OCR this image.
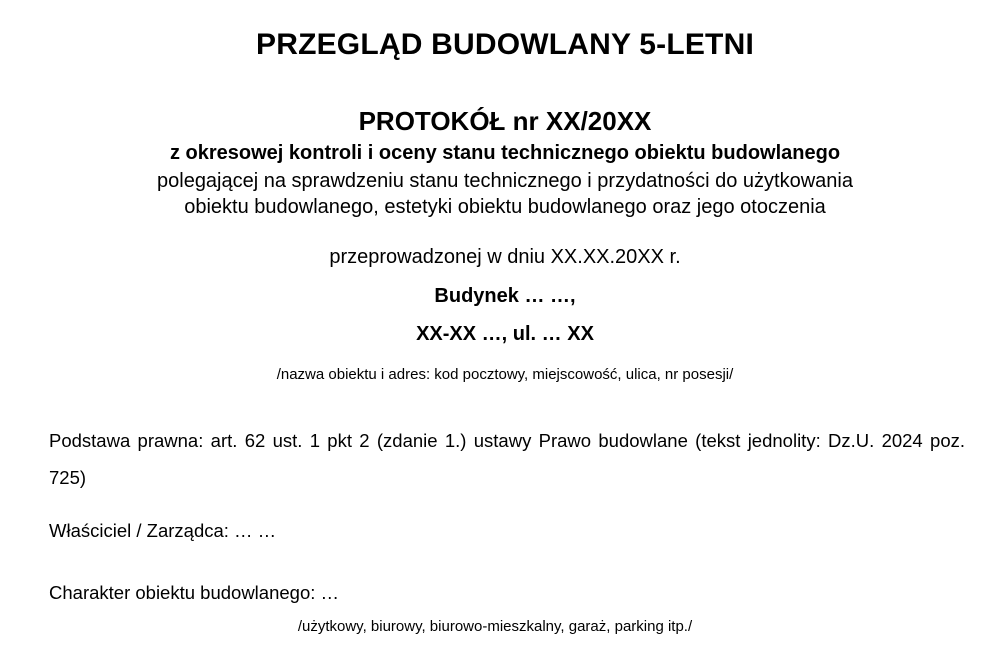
PRZEGLĄD BUDOWLANY 5-LETNI
PROTOKÓŁ nr XX/20XX
z okresowej kontroli i oceny stanu technicznego obiektu budowlanego
polegającej na sprawdzeniu stanu technicznego i przydatności do użytkowania
obiektu budowlanego, estetyki obiektu budowlanego oraz jego otoczenia
przeprowadzonej w dniu XX.XX.20XX r.
Budynek … …,
XX-XX …, ul. … XX
/nazwa obiektu i adres: kod pocztowy, miejscowość, ulica, nr posesji/
Podstawa prawna: art. 62 ust. 1 pkt 2 (zdanie 1.) ustawy Prawo budowlane (tekst jednolity: Dz.U. 2024 poz. 725)
Właściciel / Zarządca: … …
Charakter obiektu budowlanego: …
/użytkowy, biurowy, biurowo-mieszkalny, garaż, parking itp./
